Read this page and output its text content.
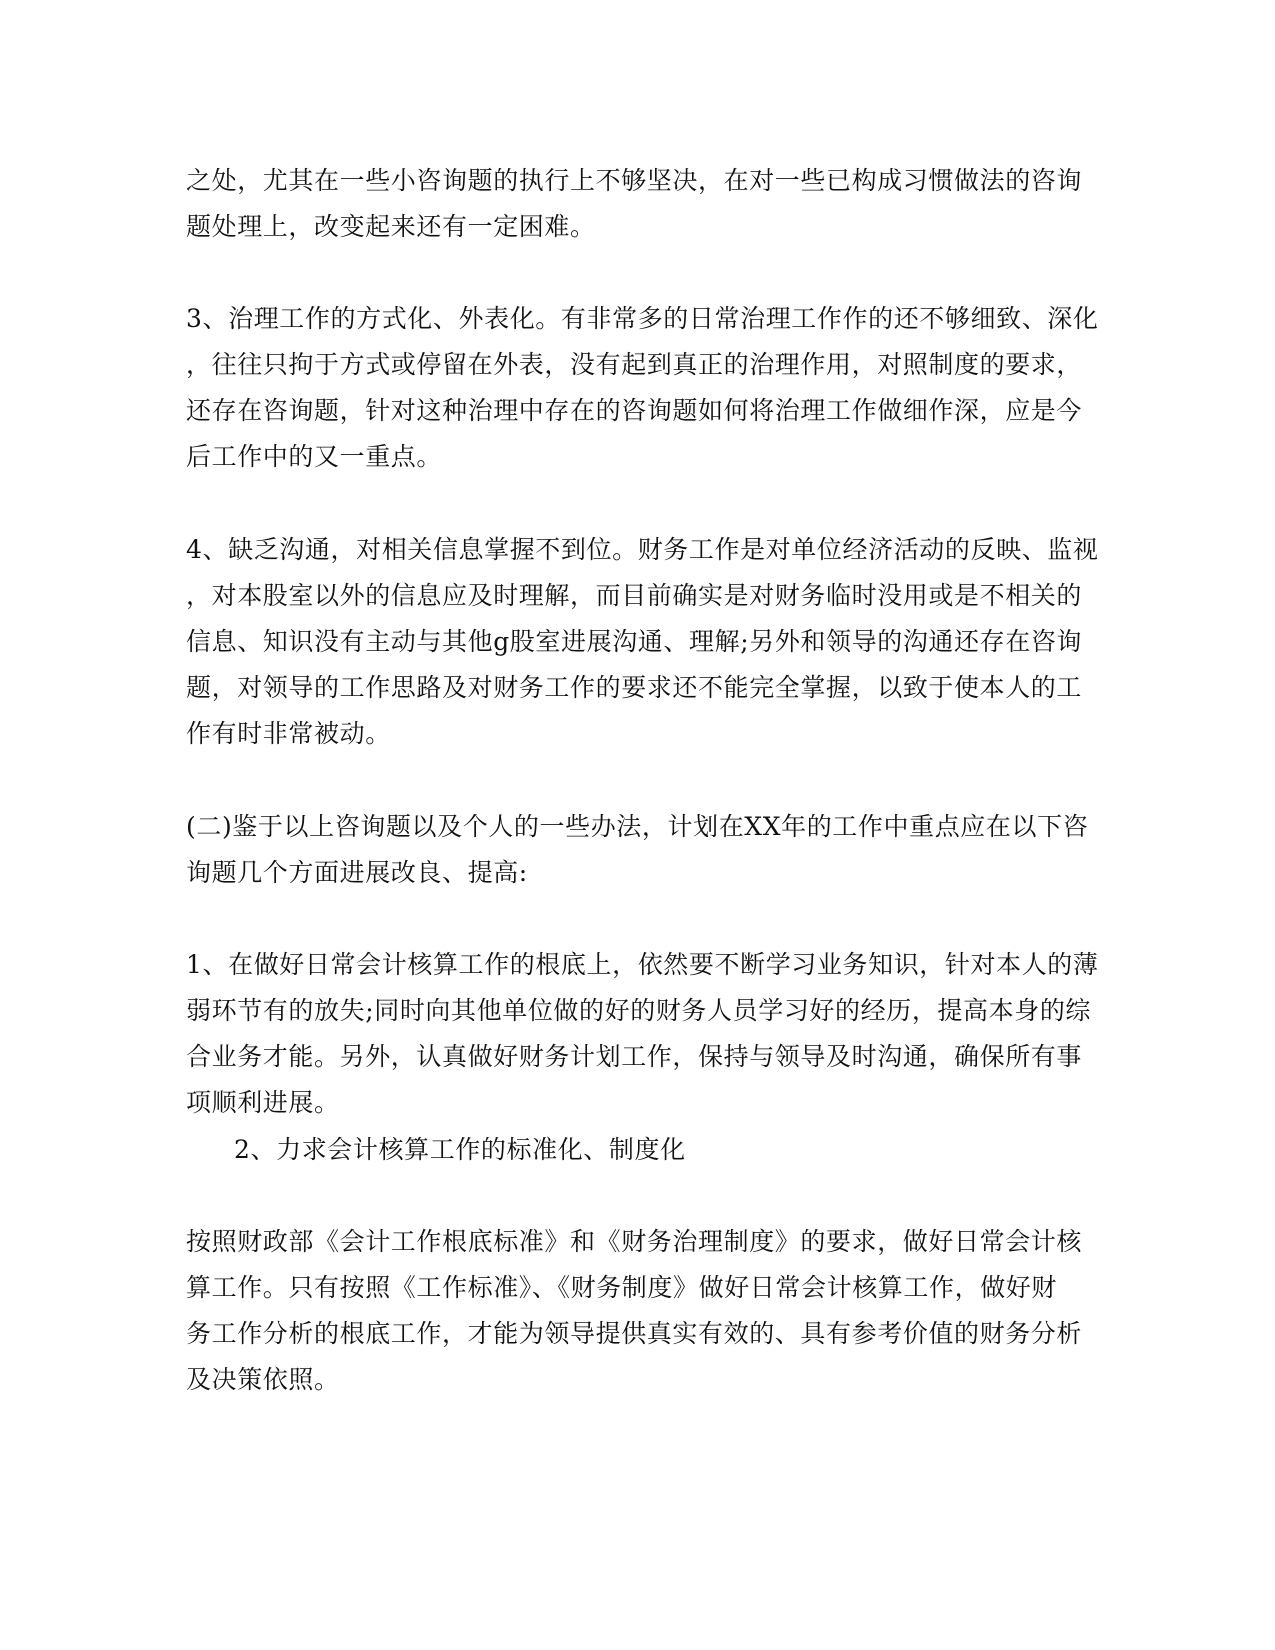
之处，尤其在一些小咨询题的执行上不够坚决，在对一些已构成习惯做法的咨询
题处理上，改变起来还有一定困难。
3、治理工作的方式化、外表化。有非常多的日常治理工作作的还不够细致、深化
，往往只拘于方式或停留在外表，没有起到真正的治理作用，对照制度的要求，
还存在咨询题，针对这种治理中存在的咨询题如何将治理工作做细作深，应是今
后工作中的又一重点。
4、缺乏沟通，对相关信息掌握不到位。财务工作是对单位经济活动的反映、监视
，对本股室以外的信息应及时理解，而目前确实是对财务临时没用或是不相关的
信息、知识没有主动与其他g股室进展沟通、理解;另外和领导的沟通还存在咨询
题，对领导的工作思路及对财务工作的要求还不能完全掌握，以致于使本人的工
作有时非常被动。
(二)鉴于以上咨询题以及个人的一些办法，计划在XX年的工作中重点应在以下咨
询题几个方面进展改良、提高:
1、在做好日常会计核算工作的根底上，依然要不断学习业务知识，针对本人的薄
弱环节有的放失;同时向其他单位做的好的财务人员学习好的经历，提高本身的综
合业务才能。另外，认真做好财务计划工作，保持与领导及时沟通，确保所有事
项顺利进展。
2、力求会计核算工作的标准化、制度化
按照财政部《会计工作根底标准》和《财务治理制度》的要求，做好日常会计核
算工作。只有按照《工作标准》、《财务制度》做好日常会计核算工作，做好财
务工作分析的根底工作，才能为领导提供真实有效的、具有参考价值的财务分析
及决策依照。
